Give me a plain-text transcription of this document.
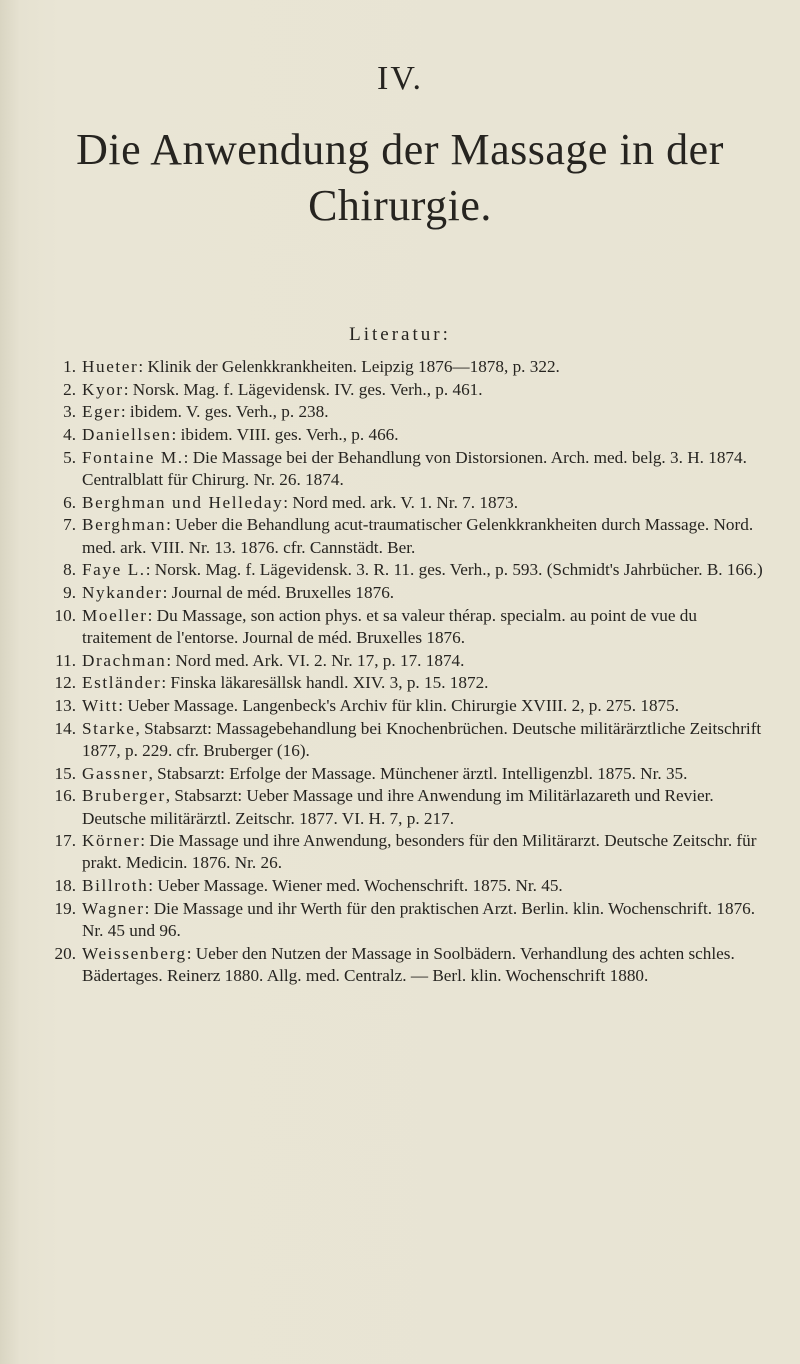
IV.
Die Anwendung der Massage in der
Chirurgie.
Literatur:
1. Hueter: Klinik der Gelenkkrankheiten. Leipzig 1876—1878, p. 322.
2. Kyor: Norsk. Mag. f. Lägevidensk. IV. ges. Verh., p. 461.
3. Eger: ibidem. V. ges. Verh., p. 238.
4. Daniellsen: ibidem. VIII. ges. Verh., p. 466.
5. Fontaine M.: Die Massage bei der Behandlung von Distorsionen. Arch. med. belg. 3. H. 1874. Centralblatt für Chirurg. Nr. 26. 1874.
6. Berghman und Helleday: Nord med. ark. V. 1. Nr. 7. 1873.
7. Berghman: Ueber die Behandlung acut-traumatischer Gelenkkrankheiten durch Massage. Nord. med. ark. VIII. Nr. 13. 1876. cfr. Cannstädt. Ber.
8. Faye L.: Norsk. Mag. f. Lägevidensk. 3. R. 11. ges. Verh., p. 593. (Schmidt's Jahrbücher. B. 166.)
9. Nykander: Journal de méd. Bruxelles 1876.
10. Moeller: Du Massage, son action phys. et sa valeur thérap. specialm. au point de vue du traitement de l'entorse. Journal de méd. Bruxelles 1876.
11. Drachman: Nord med. Ark. VI. 2. Nr. 17, p. 17. 1874.
12. Estländer: Finska läkaresällsk handl. XIV. 3, p. 15. 1872.
13. Witt: Ueber Massage. Langenbeck's Archiv für klin. Chirurgie XVIII. 2, p. 275. 1875.
14. Starke, Stabsarzt: Massagebehandlung bei Knochenbrüchen. Deutsche militärärztliche Zeitschrift 1877, p. 229. cfr. Bruberger (16).
15. Gassner, Stabsarzt: Erfolge der Massage. Münchener ärztl. Intelligenzbl. 1875. Nr. 35.
16. Bruberger, Stabsarzt: Ueber Massage und ihre Anwendung im Militärlazareth und Revier. Deutsche militärärztl. Zeitschr. 1877. VI. H. 7, p. 217.
17. Körner: Die Massage und ihre Anwendung, besonders für den Militärarzt. Deutsche Zeitschr. für prakt. Medicin. 1876. Nr. 26.
18. Billroth: Ueber Massage. Wiener med. Wochenschrift. 1875. Nr. 45.
19. Wagner: Die Massage und ihr Werth für den praktischen Arzt. Berlin. klin. Wochenschrift. 1876. Nr. 45 und 96.
20. Weissenberg: Ueber den Nutzen der Massage in Soolbädern. Verhandlung des achten schles. Bädertages. Reinerz 1880. Allg. med. Centralz. — Berl. klin. Wochenschrift 1880.
